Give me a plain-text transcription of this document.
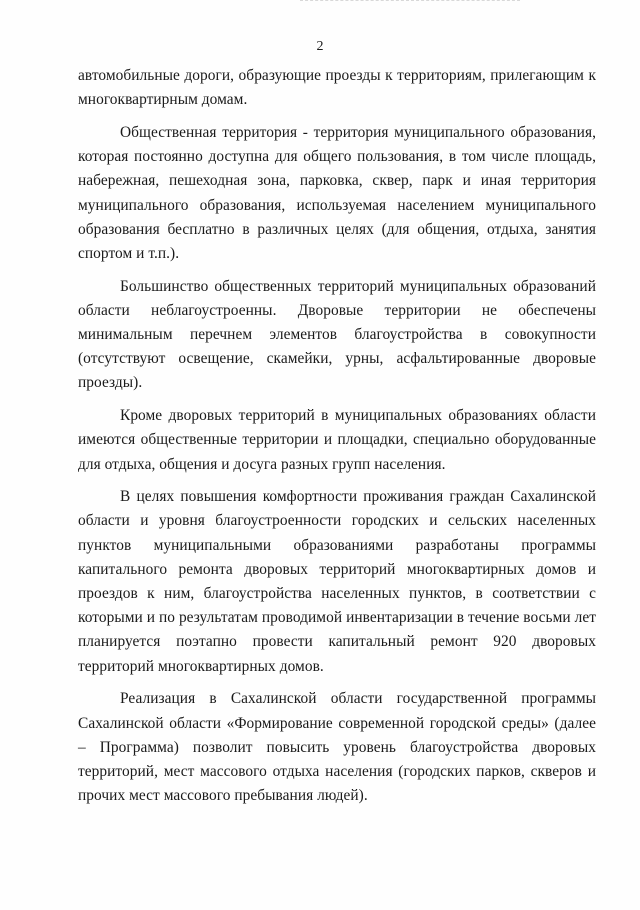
2

автомобильные дороги, образующие проезды к территориям, прилегающим к многоквартирным домам.

Общественная территория - территория муниципального образования, которая постоянно доступна для общего пользования, в том числе площадь, набережная, пешеходная зона, парковка, сквер, парк и иная территория муниципального образования, используемая населением муниципального образования бесплатно в различных целях (для общения, отдыха, занятия спортом и т.п.).

Большинство общественных территорий муниципальных образований области неблагоустроенны. Дворовые территории не обеспечены минимальным перечнем элементов благоустройства в совокупности (отсутствуют освещение, скамейки, урны, асфальтированные дворовые проезды).

Кроме дворовых территорий в муниципальных образованиях области имеются общественные территории и площадки, специально оборудованные для отдыха, общения и досуга разных групп населения.

В целях повышения комфортности проживания граждан Сахалинской области и уровня благоустроенности городских и сельских населенных пунктов муниципальными образованиями разработаны программы капитального ремонта дворовых территорий многоквартирных домов и проездов к ним, благоустройства населенных пунктов, в соответствии с которыми и по результатам проводимой инвентаризации в течение восьми лет планируется поэтапно провести капитальный ремонт 920 дворовых территорий многоквартирных домов.

Реализация в Сахалинской области государственной программы Сахалинской области «Формирование современной городской среды» (далее – Программа) позволит повысить уровень благоустройства дворовых территорий, мест массового отдыха населения (городских парков, скверов и прочих мест массового пребывания людей).
